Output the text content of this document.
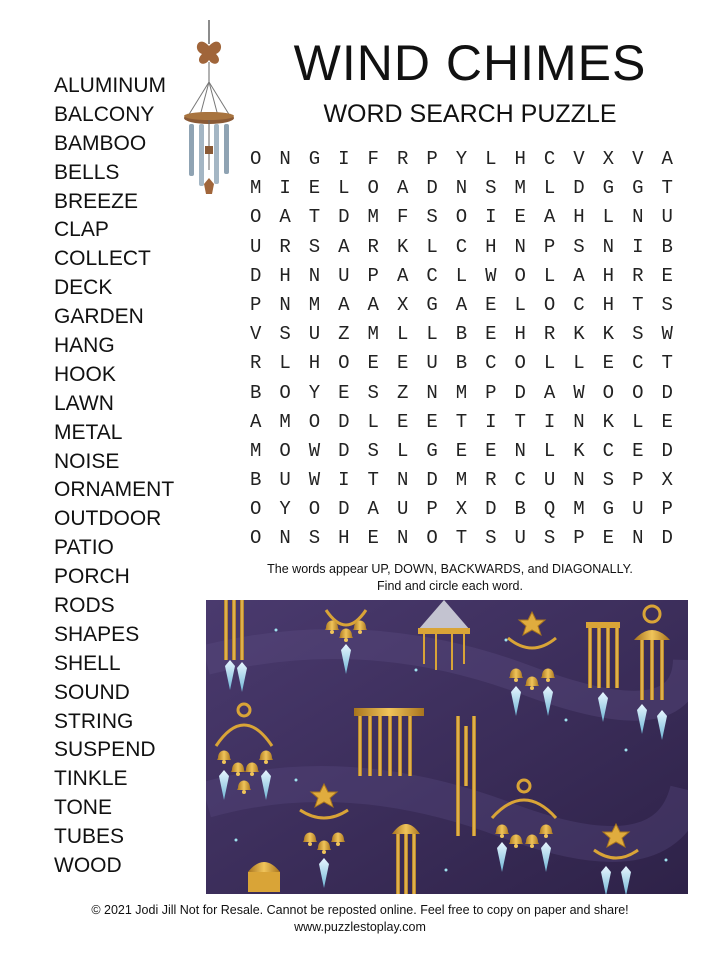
WIND CHIMES
WORD SEARCH PUZZLE
ALUMINUM
BALCONY
BAMBOO
BELLS
BREEZE
CLAP
COLLECT
DECK
GARDEN
HANG
HOOK
LAWN
METAL
NOISE
ORNAMENT
OUTDOOR
PATIO
PORCH
RODS
SHAPES
SHELL
SOUND
STRING
SUSPEND
TINKLE
TONE
TUBES
WOOD
O N G I F R P Y L H C V X V A
M I E L O A D N S M L D G G T
O A T D M F S O I E A H L N U
U R S A R K L C H N P S N I B
D H N U P A C L W O L A H R E
P N M A A X G A E L O C H T S
V S U Z M L L B E H R K K S W
R L H O E E U B C O L L E C T
B O Y E S Z N M P D A W O O D
A M O D L E E T I T I N K L E
M O W D S L G E E N L K C E D
B U W I T N D M R C U N S P X
O Y O D A U P X D B Q M G U P
O N S H E N O T S U S P E N D
The words appear UP, DOWN, BACKWARDS, and DIAGONALLY.
Find and circle each word.
© 2021 Jodi Jill Not for Resale. Cannot be reposted online. Feel free to copy on paper and share!
www.puzzlestoplay.com
